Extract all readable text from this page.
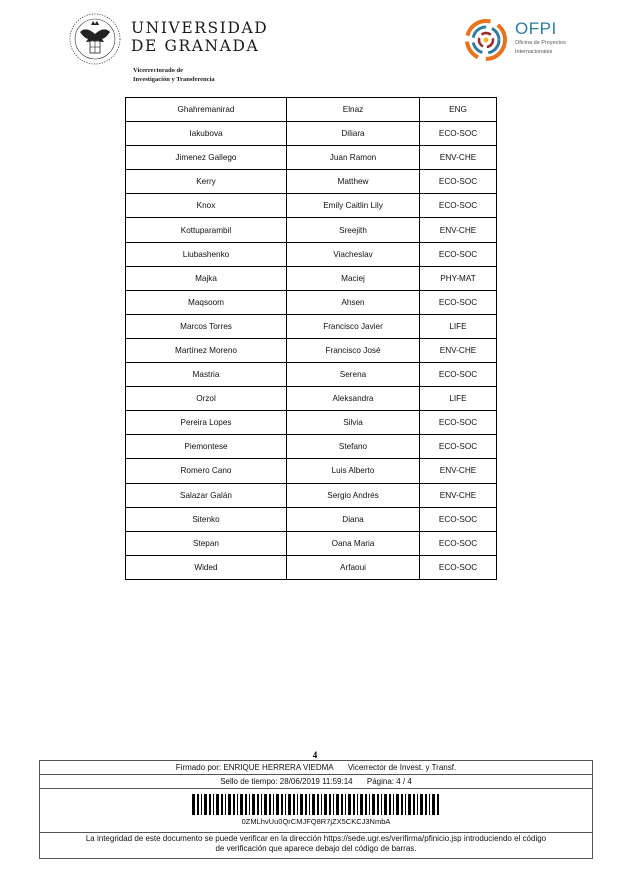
UNIVERSIDAD
DE GRANADA
Vicerrectorado de
Investigación y Transferencia
OFPI
Oficina de Proyectos
Internacionales
Ghahremanirad	Elnaz	ENG
Iakubova	Diliara	ECO-SOC
Jimenez Gallego	Juan Ramon	ENV-CHE
Kerry	Matthew	ECO-SOC
Knox	Emily Caitlin Lily	ECO-SOC
Kottuparambil	Sreejith	ENV-CHE
Liubashenko	Viacheslav	ECO-SOC
Majka	Maciej	PHY-MAT
Maqsoom	Ahsen	ECO-SOC
Marcos Torres	Francisco Javier	LIFE
Martínez Moreno	Francisco José	ENV-CHE
Mastria	Serena	ECO-SOC
Orzol	Aleksandra	LIFE
Pereira Lopes	Silvia	ECO-SOC
Piemontese	Stefano	ECO-SOC
Romero Cano	Luis Alberto	ENV-CHE
Salazar Galán	Sergio Andrés	ENV-CHE
Sitenko	Diana	ECO-SOC
Stepan	Oana Maria	ECO-SOC
Wided	Arfaoui	ECO-SOC
4
Firmado por: ENRIQUE HERRERA VIEDMA Vicerrector de Invest. y Transf.
Sello de tiempo: 28/06/2019 11:59:14 Página: 4 / 4
0ZMLhvUu0QrCMJFQ8R7jZX5CKCJ3NmbA
La integridad de este documento se puede verificar en la dirección https://sede.ugr.es/verifirma/pfinicio.jsp introduciendo el código
de verificación que aparece debajo del código de barras.
